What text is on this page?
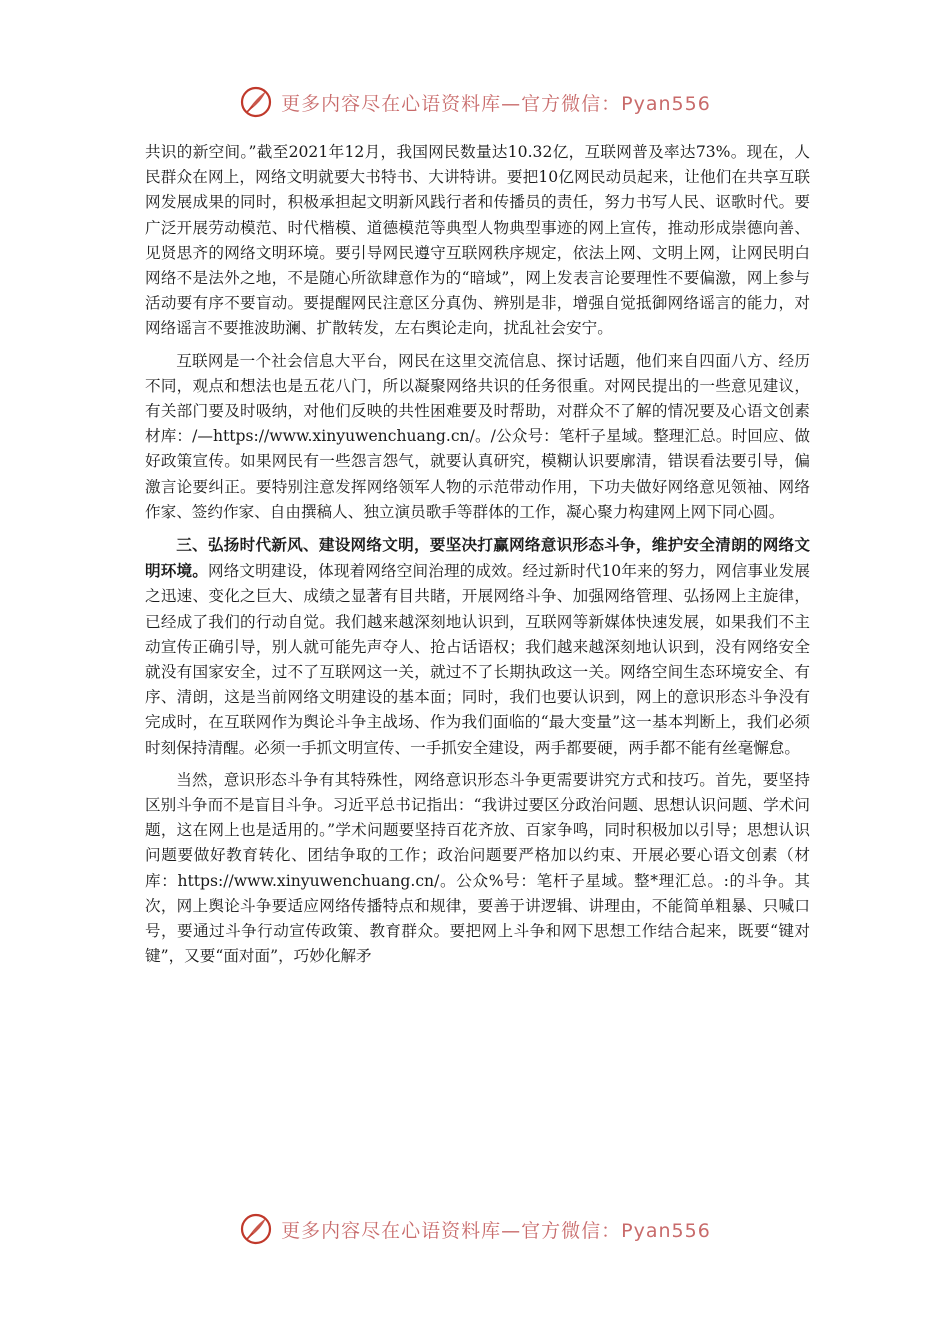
更多内容尽在心语资料库—官方微信：Pyan556

共识的新空间。”截至2021年12月，我国网民数量达10.32亿，互联网普及率达73%。现在，人民群众在网上，网络文明就要大书特书、大讲特讲。要把10亿网民动员起来，让他们在共享互联网发展成果的同时，积极承担起文明新风践行者和传播员的责任，努力书写人民、讴歌时代。要广泛开展劳动模范、时代楷模、道德模范等典型人物典型事迹的网上宣传，推动形成崇德向善、见贤思齐的网络文明环境。要引导网民遵守互联网秩序规定，依法上网、文明上网，让网民明白网络不是法外之地，不是随心所欲肆意作为的“暗域”，网上发表言论要理性不要偏激，网上参与活动要有序不要盲动。要提醒网民注意区分真伪、辨别是非，增强自觉抵御网络谣言的能力，对网络谣言不要推波助澜、扩散转发，左右舆论走向，扰乱社会安宁。

互联网是一个社会信息大平台，网民在这里交流信息、探讨话题，他们来自四面八方、经历不同，观点和想法也是五花八门，所以凝聚网络共识的任务很重。对网民提出的一些意见建议，有关部门要及时吸纳，对他们反映的共性困难要及时帮助，对群众不了解的情况要及心语文创素材库：/—https://www.xinyuwenchuang.cn/。/公众号：笔杆子星域。整理汇总。时回应、做好政策宣传。如果网民有一些怨言怨气，就要认真研究，模糊认识要廓清，错误看法要引导，偏激言论要纠正。要特别注意发挥网络领军人物的示范带动作用，下功夫做好网络意见领袖、网络作家、签约作家、自由撰稿人、独立演员歌手等群体的工作，凝心聚力构建网上网下同心圆。

三、弘扬时代新风、建设网络文明，要坚决打赢网络意识形态斗争，维护安全清朗的网络文明环境。网络文明建设，体现着网络空间治理的成效。经过新时代10年来的努力，网信事业发展之迅速、变化之巨大、成绩之显著有目共睹，开展网络斗争、加强网络管理、弘扬网上主旋律，已经成了我们的行动自觉。我们越来越深刻地认识到，互联网等新媒体快速发展，如果我们不主动宣传正确引导，别人就可能先声夺人、抢占话语权；我们越来越深刻地认识到，没有网络安全就没有国家安全，过不了互联网这一关，就过不了长期执政这一关。网络空间生态环境安全、有序、清朗，这是当前网络文明建设的基本面；同时，我们也要认识到，网上的意识形态斗争没有完成时，在互联网作为舆论斗争主战场、作为我们面临的“最大变量”这一基本判断上，我们必须时刻保持清醒。必须一手抓文明宣传、一手抓安全建设，两手都要硬，两手都不能有丝毫懈怠。

当然，意识形态斗争有其特殊性，网络意识形态斗争更需要讲究方式和技巧。首先，要坚持区别斗争而不是盲目斗争。习近平总书记指出：“我讲过要区分政治问题、思想认识问题、学术问题，这在网上也是适用的。”学术问题要坚持百花齐放、百家争鸣，同时积极加以引导；思想认识问题要做好教育转化、团结争取的工作；政治问题要严格加以约束、开展必要心语文创素（材库：https://www.xinyuwenchuang.cn/。公众%号：笔杆子星域。整*理汇总。:的斗争。其次，网上舆论斗争要适应网络传播特点和规律，要善于讲逻辑、讲理由，不能简单粗暴、只喊口号，要通过斗争行动宣传政策、教育群众。要把网上斗争和网下思想工作结合起来，既要“键对键”，又要“面对面”，巧妙化解矛

更多内容尽在心语资料库—官方微信：Pyan556
